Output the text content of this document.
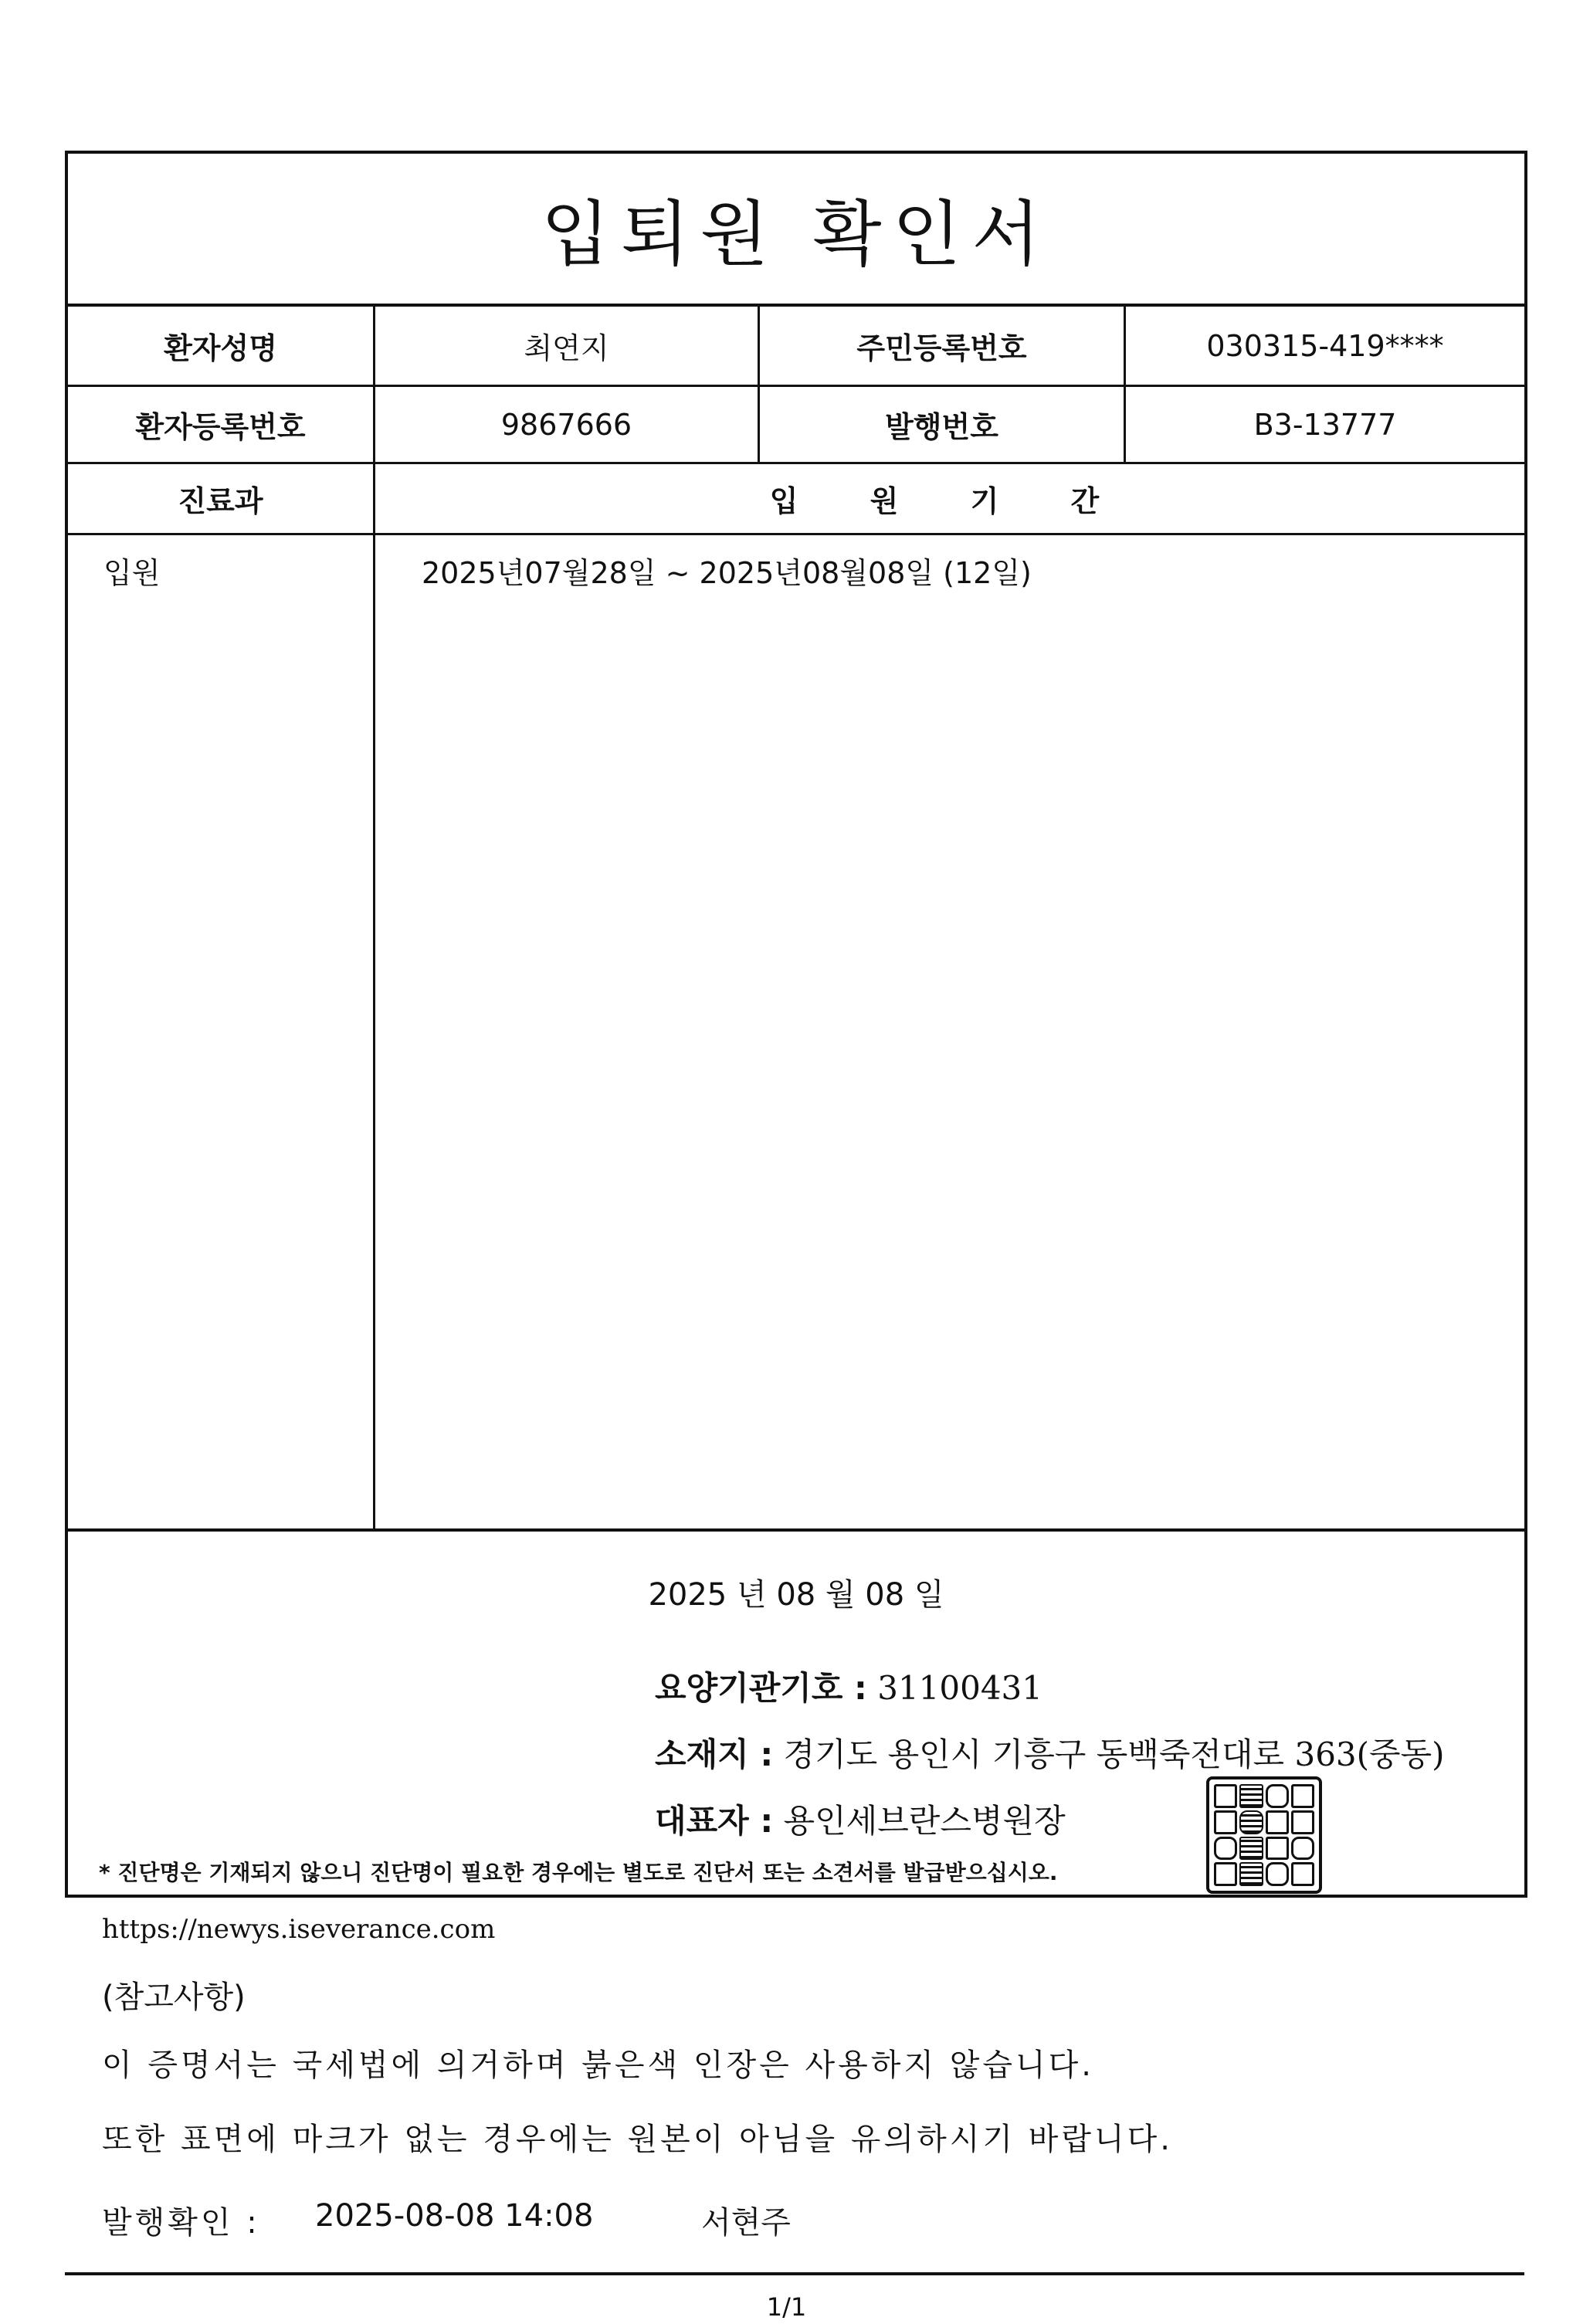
입퇴원 확인서
환자성명	최연지	주민등록번호	030315-419****
환자등록번호	9867666	발행번호	B3-13777
진료과	입 원 기 간
입원	2025년07월28일 ~ 2025년08월08일 (12일)
2025 년 08 월 08 일
요양기관기호 : 31100431
소재지 : 경기도 용인시 기흥구 동백죽전대로 363(중동)
대표자 : 용인세브란스병원장
* 진단명은 기재되지 않으니 진단명이 필요한 경우에는 별도로 진단서 또는 소견서를 발급받으십시오.
https://newys.iseverance.com
(참고사항)
이 증명서는 국세법에 의거하며 붉은색 인장은 사용하지 않습니다.
또한 표면에 마크가 없는 경우에는 원본이 아님을 유의하시기 바랍니다.
발행확인 :	2025-08-08 14:08	서현주
1/1
